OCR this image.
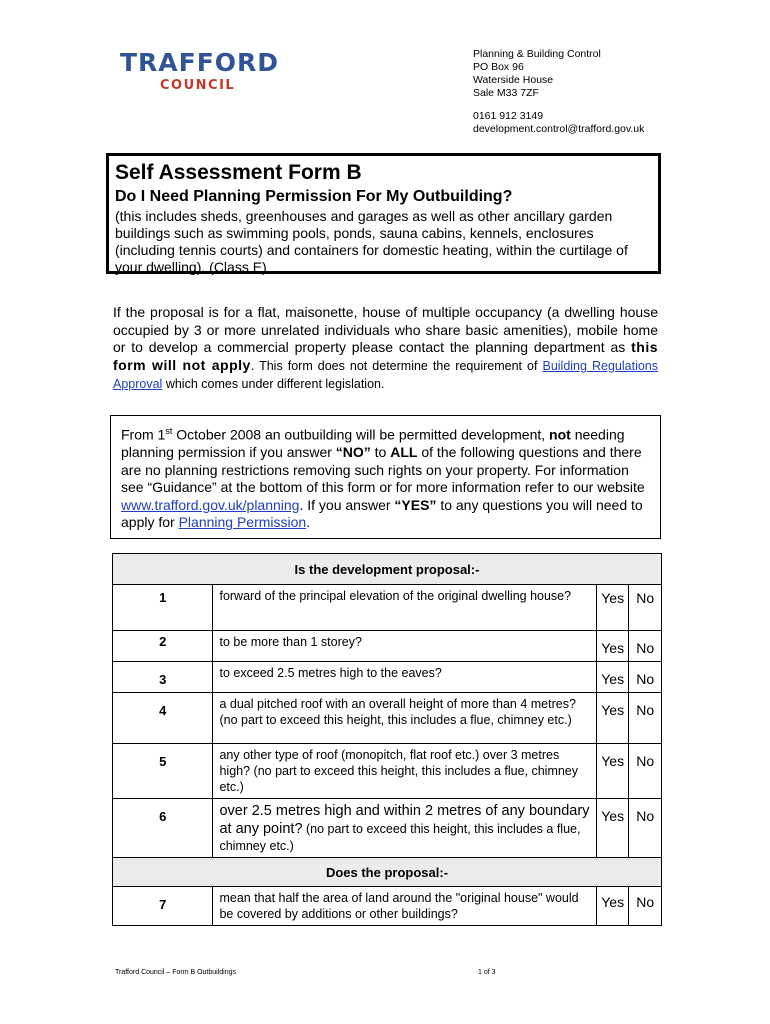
TRAFFORD
COUNCIL
Planning & Building Control
PO Box 96
Waterside House
Sale M33 7ZF
0161 912 3149
development.control@trafford.gov.uk
Self Assessment Form B
Do I Need Planning Permission For My Outbuilding?

(this includes sheds, greenhouses and garages as well as other ancillary garden buildings such as swimming pools, ponds, sauna cabins, kennels, enclosures (including tennis courts) and containers for domestic heating, within the curtilage of your dwelling). (Class E)

If the proposal is for a flat, maisonette, house of multiple occupancy (a dwelling house occupied by 3 or more unrelated individuals who share basic amenities), mobile home or to develop a commercial property please contact the planning department as this form will not apply. This form does not determine the requirement of Building Regulations Approval which comes under different legislation.
From 1st October 2008 an outbuilding will be permitted development, not needing planning permission if you answer “NO” to ALL of the following questions and there are no planning restrictions removing such rights on your property. For information see “Guidance” at the bottom of this form or for more information refer to our website www.trafford.gov.uk/planning. If you answer “YES” to any questions you will need to apply for Planning Permission.
Is the development proposal:-			

1	forward of the principal elevation of the original dwelling house?	Yes	No

2	to be more than 1 storey?	Yes	No

3	to exceed 2.5 metres high to the eaves?	Yes	No

4	a dual pitched roof with an overall height of more than 4 metres? (no part to exceed this height, this includes a flue, chimney etc.)	Yes	No

5	any other type of roof (monopitch, flat roof etc.) over 3 metres high? (no part to exceed this height, this includes a flue, chimney etc.)	Yes	No

6	over 2.5 metres high and within 2 metres of any boundary at any point? (no part to exceed this height, this includes a flue, chimney etc.)	Yes	No

Does the proposal:-			

7	mean that half the area of land around the "original house" would be covered by additions or other buildings?	Yes	No
Trafford Council – Form B Outbuildings	1 of 3
